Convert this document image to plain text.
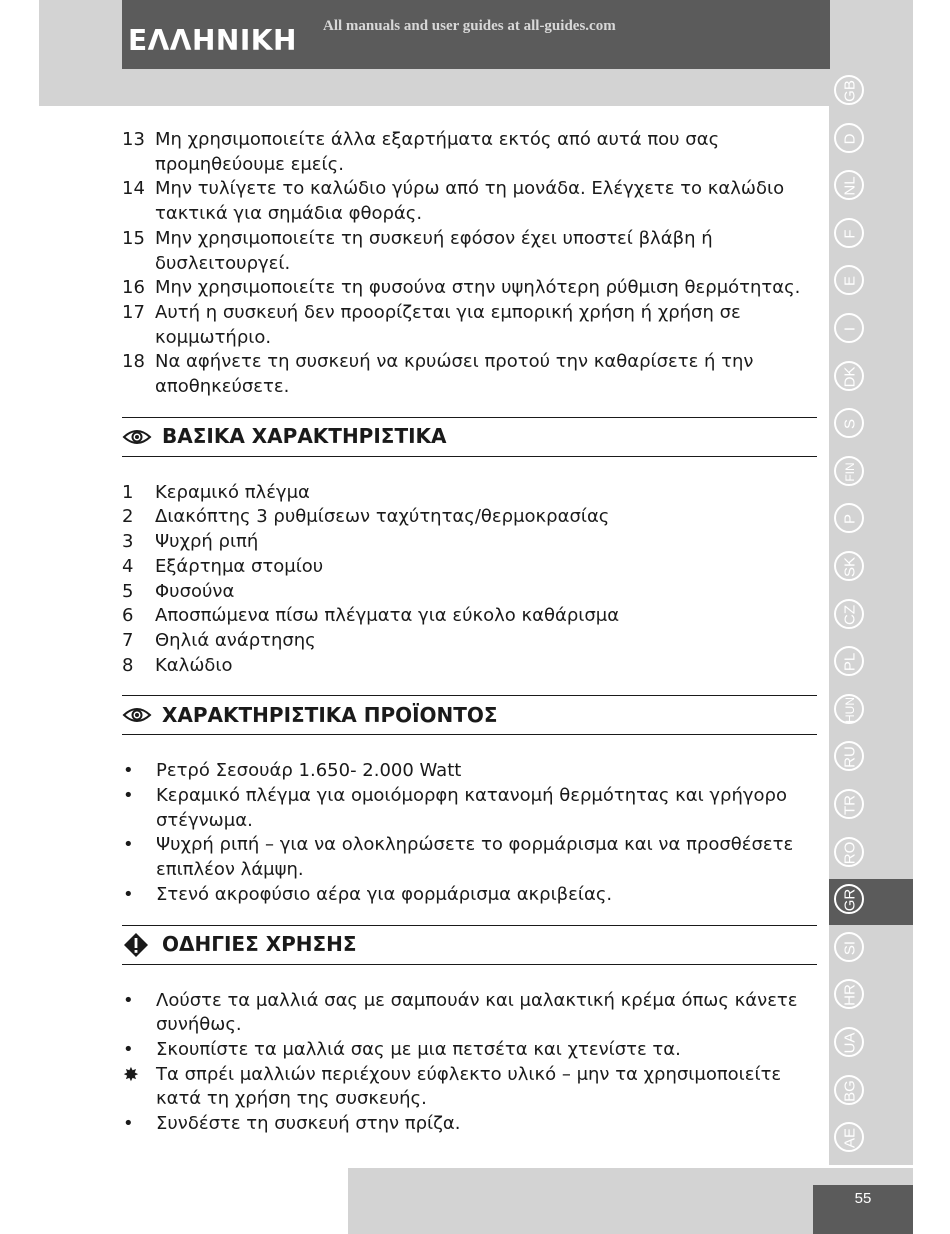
ΕΛΛΗΝΙΚΗ All manuals and user guides at all-guides.com
GB
D
NL
F
E
I
DK
S
FIN
P
SK
CZ
PL
HUN
RU
TR
RO
GR
SI
HR
UA
BG
AE
55
13 Μη χρησιμοποιείτε άλλα εξαρτήματα εκτός από αυτά που σας προμηθεύουμε εμείς.
14 Μην τυλίγετε το καλώδιο γύρω από τη μονάδα. Ελέγχετε το καλώδιο τακτικά για σημάδια φθοράς.
15 Μην χρησιμοποιείτε τη συσκευή εφόσον έχει υποστεί βλάβη ή δυσλειτουργεί.
16 Μην χρησιμοποιείτε τη φυσούνα στην υψηλότερη ρύθμιση θερμότητας.
17 Αυτή η συσκευή δεν προορίζεται για εμπορική χρήση ή χρήση σε κομμωτήριο.
18 Να αφήνετε τη συσκευή να κρυώσει προτού την καθαρίσετε ή την αποθηκεύσετε.
ΒΑΣΙΚΑ ΧΑΡΑΚΤΗΡΙΣΤΙΚΑ
1	Κεραμικό πλέγμα
2	Διακόπτης 3 ρυθμίσεων ταχύτητας/θερμοκρασίας
3	Ψυχρή ριπή
4	Εξάρτημα στομίου
5	Φυσούνα
6	Αποσπώμενα πίσω πλέγματα για εύκολο καθάρισμα
7	Θηλιά ανάρτησης
8	Καλώδιο
ΧΑΡΑΚΤΗΡΙΣΤΙΚΑ ΠΡΟΪΟΝΤΟΣ
•	Ρετρό Σεσουάρ 1.650- 2.000 Watt
•	Κεραμικό πλέγμα για ομοιόμορφη κατανομή θερμότητας και γρήγορο στέγνωμα.
•	Ψυχρή ριπή – για να ολοκληρώσετε το φορμάρισμα και να προσθέσετε επιπλέον λάμψη.
•	Στενό ακροφύσιο αέρα για φορμάρισμα ακριβείας.
ΟΔΗΓΙΕΣ ΧΡΗΣΗΣ
•	Λούστε τα μαλλιά σας με σαμπουάν και μαλακτική κρέμα όπως κάνετε συνήθως.
•	Σκουπίστε τα μαλλιά σας με μια πετσέτα και χτενίστε τα.
✸ Τα σπρέι μαλλιών περιέχουν εύφλεκτο υλικό – μην τα χρησιμοποιείτε κατά τη χρήση της συσκευής.
•	Συνδέστε τη συσκευή στην πρίζα.
